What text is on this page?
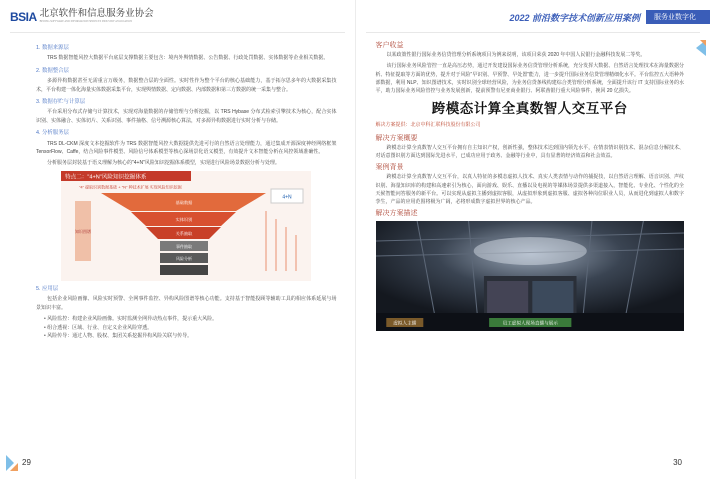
BSIA 北京软件和信息服务业协会
BEIJING SOFTWARE AND INFORMATION SERVICES INDUSTRY ASSOCIATION
1. 数据来源层

TRS 数据智能风控大数据平台底层支撑数据主要包含：境内外舆情数据、公告数据、行政处罚数据、实体数据等企业相关数据。

2. 数据整合层

多源异构数据甚至无需重言万级务，数据整合层的全面性。实时性作为整个平台的核心基础能力，基于拓尔思多年的大数据采集技术，平台构建一体化海量实体数据采集平台，实现舆情数据、定向数据、内部数据和第三方数据的统一采集与整合。

3. 数据存贮与计算层

平台采用分布式存储与计算技术，实现对海量数据的存储管理与分析挖掘，以 TRS Hybase 分布式检索引擎技术为核心，配合实体识别、实体融合、实体切片、关系识别、事件抽格、信号溯源核心算法，对多源异构数据进行实时分析与存储。

4. 分析服务层

TRS DL-CKM 深度文本挖掘软件为 TRS 数据智能风控大数据提供先进可行的自然语言处理能力，通过集成开源深度神经网络框架 TensorFlow、Caffe，结合风险事件模型、风险信号体系模型等核心深场景化语义模型，有效提升文本智能分析在风控领域准确性。

分析服务层封装基于语义理解为核心的"4+N"风险知识挖掘体系模型，实现进行风险场景数据分析与处理。

特点二："4+N"风险知识挖掘体系
"4" 提取识别数据基础 + "N" 种技术扩展 实现风险知识挖掘
基础数据
实体识别
关系抽取
事件抽取
风险分析
知识图谱
4+N
5. 应用层

包括企业风险画像、风险实时预警、全网事件监控、异构风险图谱等核心功能。支持基于智能投顾等辅助工具的相应体系延展与场景知识丰富。

• 风险监控：构建企业风险画像。实时监测全网异动热点事件，提示重大风险。
• 组合透视：区域、行业、自定义企业风险穿透。
• 风险传导：通过人物、股权、集团关系挖掘异构风险关联与传导。
29
2022 前沿数字技术创新应用案例	服务业数字化
客户收益

以某政策性银行国际业务信贷管理分析系统项目为例来说明，该项目荣获 2020 年中国人民银行金融科技发展二等奖。

该行国际业务风险管控一直是高压态势，通过开发建设国际业务信贷管理分析系统，充分发挥大数据、自然语言处理技术在海量数据分析、特征提取等方面的优势，提升对于风险“早识别、早预警、早处置”能力，进一步提升国际业务信贷管理精细化水平。平台监控五大语种外部数据，利用 NLP、知识图谱技术，实时识别全球经营风险，为业务信贷条线构建综合类管理分析系统，全面提升该行 IT 支持国际业务的水平，助力国际业务风险管控与业务发展创新，提前预警有尼亚商业银行、阿联酋银行重大风险事件，挽回 20 亿损失。

跨模态计算全真数智人交互平台
解决方案提供：北京中科汇联科技股份有限公司
解决方案概要

跨模态计算全真数智人交互平台拥有自主知识产权，创新性强，整体技术达到国内领先水平，在情表情识别技术、混杂信息分解技术、对话意图识别方面达到国际先进水平，已成功应用于政务、金融等行业中，具有显著的经济效益和社会效益。

案例背景

跨模态计算全真数智人交互平台，以真人特征的多模态虚拟人技术、真实人类表情与动作的捕捉技，以自然语言理解、语音识别、声纹识别、海量知识库的构建和高速索引为核心，面向游戏、娱乐、直播以及电视的等媒体场景提供多渠道接入，智能化、专业化、个性化的全天候智能问答服务的新平台。可以实现从虚拟主播到虚拟客服，从虚拟形象到虚拟客服、虚拟各种岗位职业人员，从而进化到虚拟人和数字孪生，产品的应用范围将极为广阔，必将形成数字虚拟世界的核心产品。

解决方案描述
员工虚拟人现场直播与展示
虚拟人主播
30
